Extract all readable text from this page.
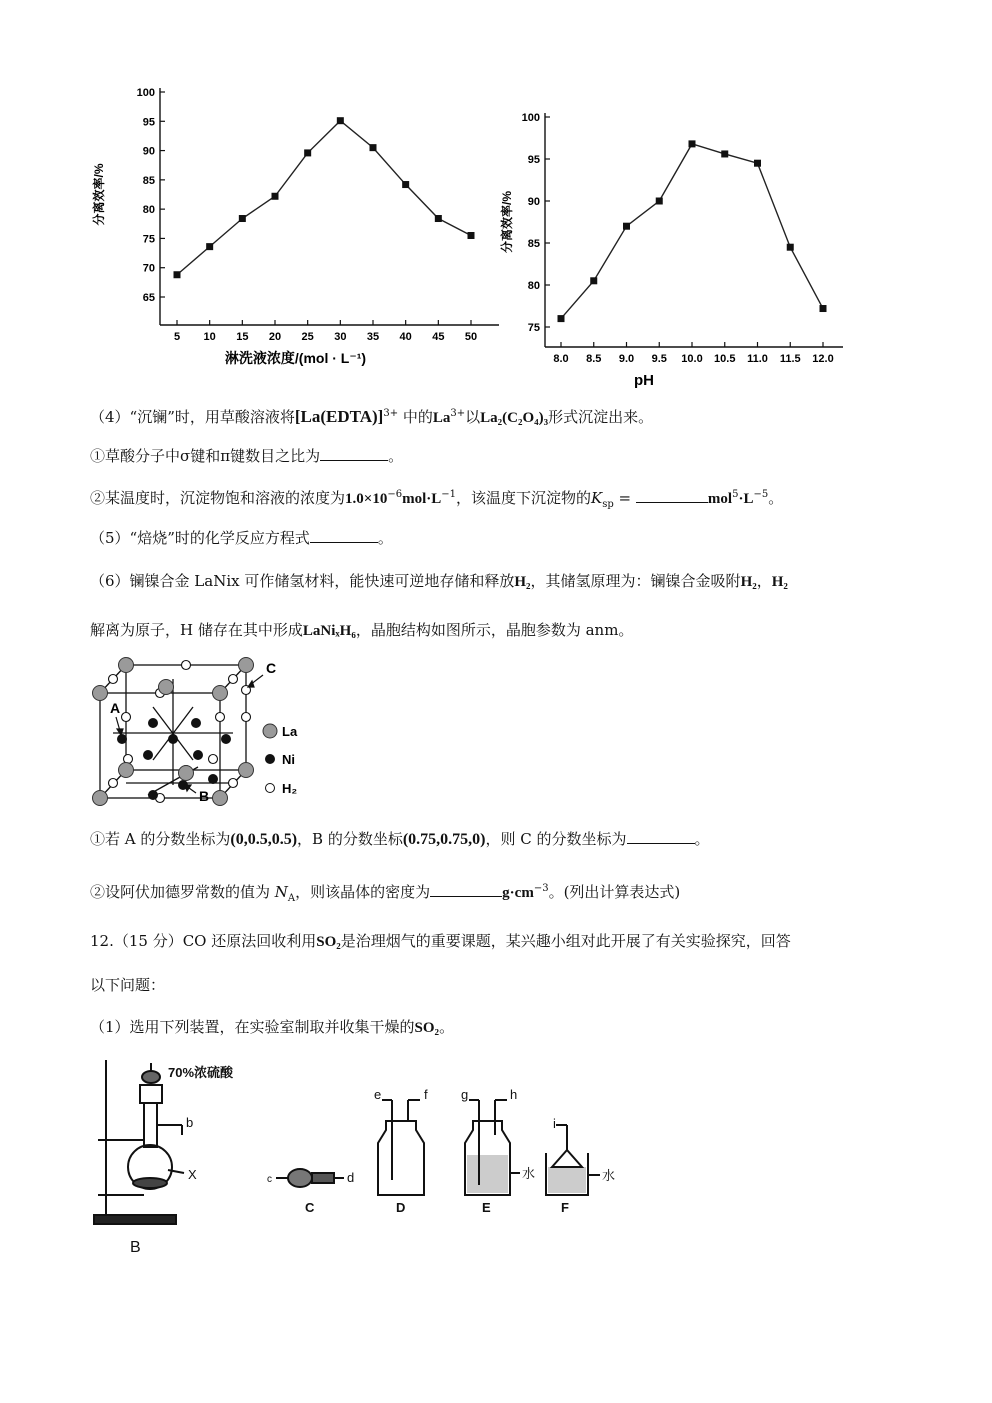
65
70
75
80
85
90
95
100
5 10 15 20 25 30 35 40 45 50
淋洗液浓度/(mol · L⁻¹)
分离效率/%
75
80
85
90
95
100
8.0 8.5 9.0 9.5 10.0 10.5 11.0 11.5 12.0
pH
分离效率/%
（4）“沉镧”时，用草酸溶液将[La(EDTA)]$^{3+}$ 中的$La^{3+}$以La₂(C₂O₄)₃形式沉淀出来。
①草酸分子中σ键和π键数目之比为	。
②某温度时，沉淀物饱和溶液的浓度为$1.0\times 10^{-6}mol\cdot L^{-1}$，该温度下沉淀物的$K_{sp}$ =	$mol^5\cdot L^{-5}$。
（5）“焙烧”时的化学反应方程式	。
（6）镧镍合金 LaNix 可作储氢材料，能快速可逆地存储和释放H₂，其储氢原理为：镧镍合金吸附H₂，H₂
解离为原子，H 储存在其中形成LaNiₓH₆，晶胞结构如图所示，晶胞参数为 anm。
A
B
C
La
Ni
H₂
①若 A 的分数坐标为(0,0.5,0.5)，B 的分数坐标(0.75,0.75,0)，则 C 的分数坐标为	。
②设阿伏加德罗常数的值为 $N_A$，则该晶体的密度为	$g\cdot cm^{-3}$。(列出计算表达式)
12.（15 分）CO 还原法回收利用SO₂是治理烟气的重要课题，某兴趣小组对此开展了有关实验探究，回答
以下问题：
（1）选用下列装置，在实验室制取并收集干燥的SO₂。
70%浓硫酸
b
X
B
c	d
C
e	f
D
g	h
水
E
i
水
F
